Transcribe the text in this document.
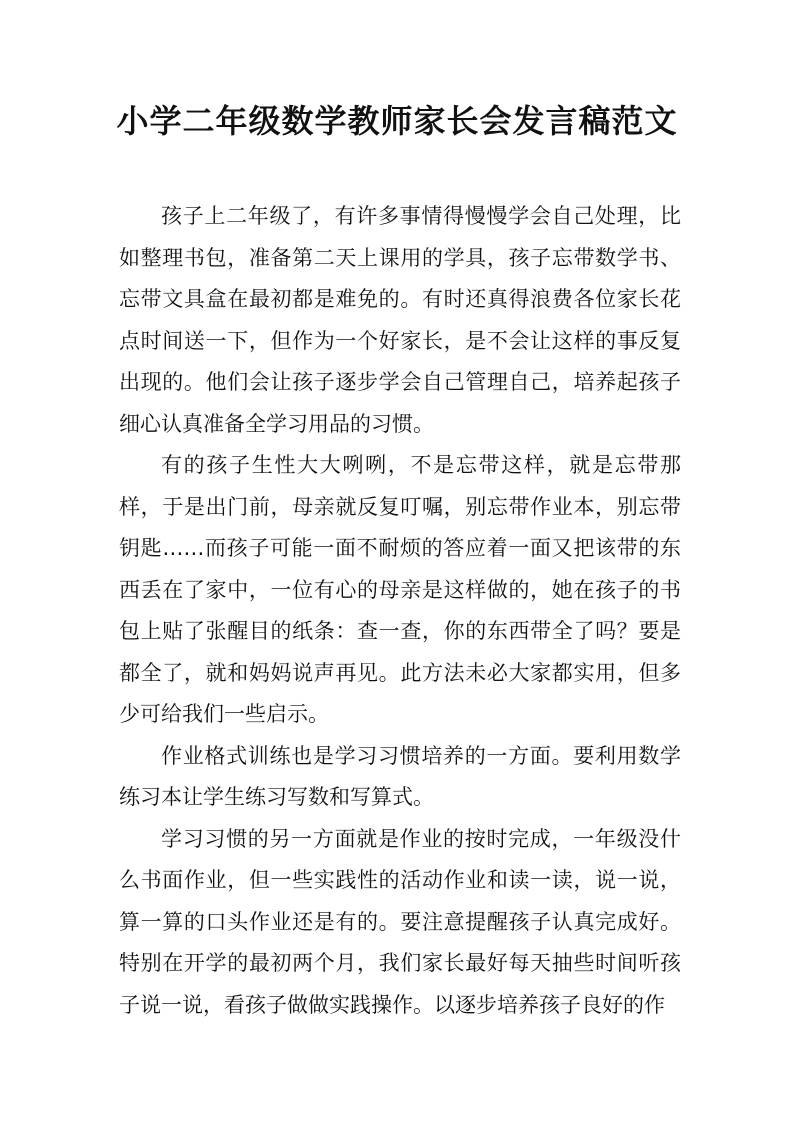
小学二年级数学教师家长会发言稿范文

孩子上二年级了，有许多事情得慢慢学会自己处理，比如整理书包，准备第二天上课用的学具，孩子忘带数学书、忘带文具盒在最初都是难免的。有时还真得浪费各位家长花点时间送一下，但作为一个好家长，是不会让这样的事反复出现的。他们会让孩子逐步学会自己管理自己，培养起孩子细心认真准备全学习用品的习惯。

有的孩子生性大大咧咧，不是忘带这样，就是忘带那样，于是出门前，母亲就反复叮嘱，别忘带作业本，别忘带钥匙……而孩子可能一面不耐烦的答应着一面又把该带的东西丢在了家中，一位有心的母亲是这样做的，她在孩子的书包上贴了张醒目的纸条：查一查，你的东西带全了吗？要是都全了，就和妈妈说声再见。此方法未必大家都实用，但多少可给我们一些启示。

作业格式训练也是学习习惯培养的一方面。要利用数学练习本让学生练习写数和写算式。

学习习惯的另一方面就是作业的按时完成，一年级没什么书面作业，但一些实践性的活动作业和读一读，说一说，算一算的口头作业还是有的。要注意提醒孩子认真完成好。特别在开学的最初两个月，我们家长最好每天抽些时间听孩子说一说，看孩子做做实践操作。以逐步培养孩子良好的作
